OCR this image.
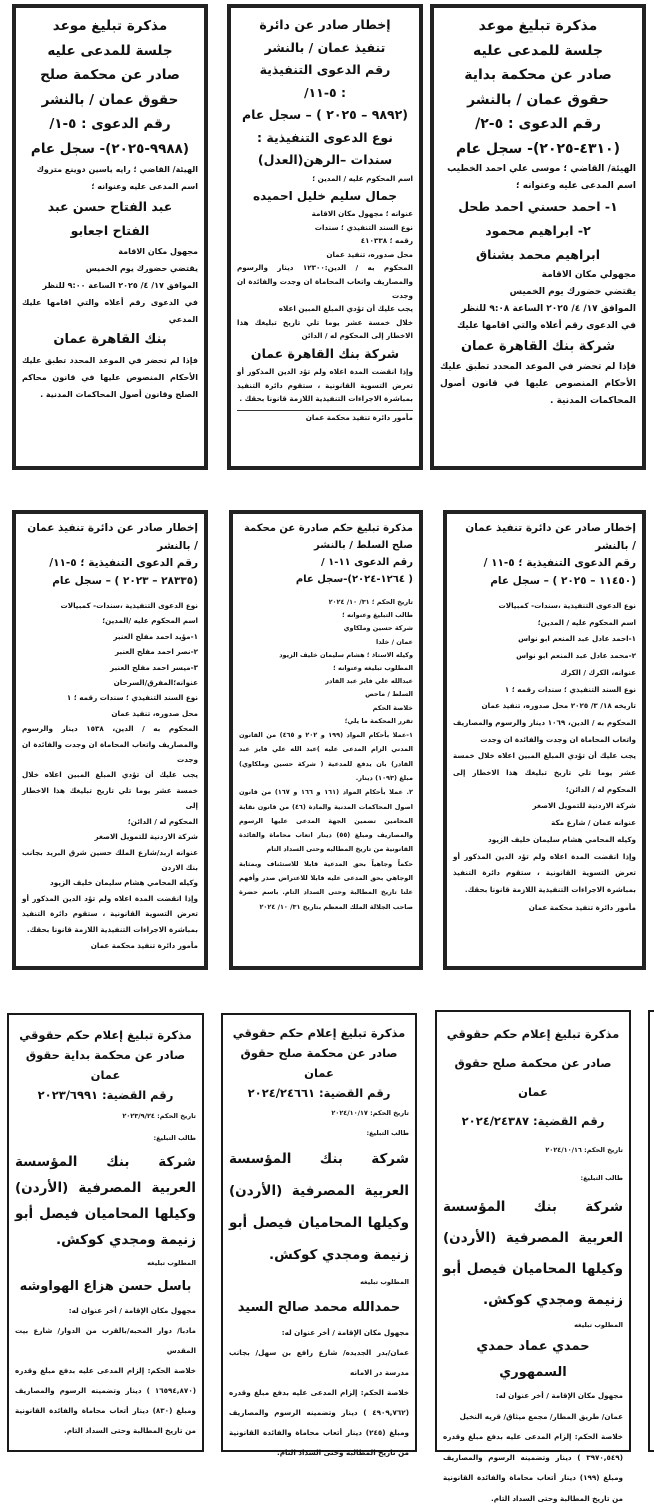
مذكرة تبليغ موعد
جلسة للمدعى عليه
صادر عن محكمة بداية
حقوق عمان / بالنشر
رقم الدعوى : ٥-٢/
(٤٣١٠-٢٠٢٥)- سجل عام
الهيئة/ القاضي ؛ موسى علي احمد الخطيب
اسم المدعى عليه وعنوانه ؛
١- احمد حسني احمد طحل
٢- ابراهيم محمود
ابراهيم محمد بشناق
مجهولي مكان الاقامة
يقتضي حضورك يوم الخميس
الموافق ١٧/ ٤/ ٢٠٢٥ الساعة ٩:٠٨ للنظر
في الدعوى رقم أعلاه والتي اقامها عليك
شركة بنك القاهرة عمان
فإذا لم تحضر في الموعد المحدد تطبق عليك الأحكام المنصوص عليها في قانون أصول المحاكمات المدنية .
إخطار صادر عن دائرة
تنفيذ عمان / بالنشر
رقم الدعوى التنفيذية
: ٥-١١/
(٩٨٩٢ – ٢٠٢٥ ) – سجل عام
نوع الدعوى التنفيذية :
سندات –الرهن(العدل)
اسم المحكوم عليه / المدين ؛
جمال سليم خليل احميده
عنوانه ؛ مجهول مكان الاقامة
نوع السند التنفيذي ؛ سندات
رقمه ؛ ٤١٠٣٣٨
محل صدوره، تنفيذ عمان
المحكوم به / الدين:١٢٣٠٠ دينار والرسوم والمصاريف واتعاب المحاماة ان وجدت والفائدة ان وجدت
يجب عليك أن تؤدي المبلغ المبين اعلاه
خلال خمسة عشر يوما تلي تاريخ تبليغك هذا الاخطار إلى المحكوم له / الدائن
شركة بنك القاهرة عمان
وإذا انقضت المدة اعلاه ولم تؤد الدين المذكور أو تعرض التسوية القانونية ، ستقوم دائرة التنفيذ بمباشرة الاجراءات التنفيذية اللازمة قانونا بحقك .
مأمور دائرة تنفيذ محكمة عمان
مذكرة تبليغ موعد
جلسة للمدعى عليه
صادر عن محكمة صلح
حقوق عمان / بالنشر
رقم الدعوى : ٥-١/
(٩٩٨٨-٢٠٢٥)- سجل عام
الهيئة/ القاضي ؛ رايه ياسين دوينع متروك
اسم المدعى عليه وعنوانه ؛
عبد الفتاح حسن عبد
الفتاح اجعابو
مجهول مكان الاقامة
يقتضي حضورك يوم الخميس
الموافق ١٧/ ٤/ ٢٠٢٥ الساعة ٩:٠٠ للنظر
في الدعوى رقم أعلاه والتي اقامها عليك المدعي
بنك القاهرة عمان
فإذا لم تحضر في الموعد المحدد تطبق عليك الأحكام المنصوص عليها في قانون محاكم الصلح وقانون أصول المحاكمات المدنية .
إخطار صادر عن دائرة تنفيذ عمان
/ بالنشر
رقم الدعوى التنفيذية ؛ ٥-١١ /
(١١٤٥٠ – ٢٠٢٥ ) – سجل عام
نوع الدعوى التنفيذية ،سندات- كمبيالات
اسم المحكوم عليه / المدين؛
١-احمد عادل عبد المنعم ابو نواس
٢-محمد عادل عبد المنعم ابو نواس
عنوانه، الكرك / الكرك
نوع السند التنفيذي ؛ سندات رقمه ؛ ١
تاريخه ١٨/ ٣/ ٢٠٢٥ محل صدوره، تنفيذ عمان
المحكوم به / الدين، ١٠٦٩ دينار والرسوم والمصاريف واتعاب المحاماة ان وجدت والفائدة ان وجدت
يجب عليك أن تؤدي المبلغ المبين اعلاه خلال خمسة عشر يوما تلي تاريخ تبليغك هذا الاخطار إلى المحكوم له / الدائن؛
شركة الاردنية للتمويل الاصغر
عنوانه عمان / شارع مكة
وكيله المحامي هشام سليمان خليف الزيود
وإذا انقضت المدة اعلاه ولم تؤد الدين المذكور أو تعرض التسوية القانونية ، ستقوم دائرة التنفيذ بمباشرة الاجراءات التنفيذية اللازمة قانونا بحقك.
مأمور دائرة تنفيذ محكمة عمان
مذكرة تبليغ حكم صادرة عن محكمة
صلح السلط / بالنشر
رقم الدعوى ١١-١ /
( ١٢٦٤-٢٠٢٤)-سجل عام
تاريخ الحكم ؛ ٣١/ ١٠/ ٢٠٢٤
طالب التبليغ وعنوانه ؛
شركة حسين وملكاوي
عمان / خلدا
وكيله الاستاذ ؛ هشام سليمان خليف الزيود
المطلوب تبليغه وعنوانه ؛
عبدالله علي فايز عبد القادر
السلط / ماحص
خلاصة الحكم
تقرر المحكمة ما يلي؛
١-عملا بأحكام المواد (١٩٩ و ٢٠٢ و ٤٦٥) من القانون المدني الزام المدعى عليه )عبد الله علي فايز عبد القادر) بان يدفع للمدعية ( شركة حسين وملكاوي) مبلغ (١٠٩٣) دينار.
٢. عملا بأحكام المواد (١٦١ و ١٦٦ و ١٦٧) من قانون اصول المحاكمات المدنية والمادة (٤٦) من قانون نقابة المحامين تضمين الجهة المدعى عليها الرسوم والمصاريف ومبلغ (٥٥) دينار اتعاب محاماة والفائدة القانونية من تاريخ المطالبه وحتى السداد التام
حكماً وجاهياً بحق المدعية قابلا للاستئناف وبمثابة الوجاهي بحق المدعى عليه قابلا للاعتراض صدر وأفهم علنا تاريخ المطالبة وحتى السداد التام. باسم حضرة صاحب الجلالة الملك المعظم بتاريخ ٣١/ ١٠/ ٢٠٢٤
إخطار صادر عن دائرة تنفيذ عمان
/ بالنشر
رقم الدعوى التنفيذية ؛ ٥-١١/
(٢٨٣٣٥ – ٢٠٢٣ ) – سجل عام
نوع الدعوى التنفيذية ،سندات- كمبيالات
اسم المحكوم عليه /المدين؛
١-مؤيد احمد مفلح العنبر
٢-نصر احمد مفلح العنبر
٣-ميسر احمد مفلح العنبر
عنوانه؛المفرق/السرحان
نوع السند التنفيذي ؛ سندات رقمه ؛ ١
محل صدوره، تنفيذ عمان
المحكوم به / الدين، ١٥٣٨ دينار والرسوم والمصاريف واتعاب المحاماة ان وجدت والفائدة ان وجدت
يجب عليك أن تؤدي المبلغ المبين اعلاه خلال خمسة عشر يوما تلي تاريخ تبليغك هذا الاخطار إلى
المحكوم له / الدائن؛
شركة الاردنية للتمويل الاصغر
عنوانه اربد/شارع الملك حسين شرق البريد بجانب بنك الاردن
وكيله المحامي هشام سليمان خليف الزيود
وإذا انقضت المدة اعلاه ولم تؤد الدين المذكور أو تعرض التسوية القانونية ، ستقوم دائرة التنفيذ بمباشرة الاجراءات التنفيذية اللازمة قانونا بحقك.
مأمور دائرة تنفيذ محكمة عمان
مذكرة تبليغ إعلام حكم حقوقي
صادر عن محكمة صلح حقوق عمان
رقم القضية: ٢٠٢٤/٢٤٣٨٧
تاريخ الحكم: ٢٠٢٤/١٠/١٦
طالب التبليغ:
شركة بنك المؤسسة العربية المصرفية (الأردن) وكيلها المحاميان فيصل أبو زنيمة ومجدي كوكش.
المطلوب تبليغه
حمدي عماد حمدي السمهوري
مجهول مكان الإقامة / أخر عنوان له:
عمان/ طريق المطار/ مجمع ميثاق/ قريه النخيل
خلاصة الحكم: إلزام المدعى عليه بدفع مبلغ وقدره (٣٩٧٠,٥٤٩ ) دينار وتضمينه الرسوم والمصاريف ومبلغ (١٩٩) دينار أتعاب محاماة والفائدة القانونية من تاريخ المطالبة وحتى السداد التام.
مذكرة تبليغ إعلام حكم حقوقي
صادر عن محكمة صلح حقوق عمان
رقم القضية: ٢٠٢٤/٢٤٦٦١
تاريخ الحكم: ٢٠٢٤/١٠/١٧
طالب التبليغ:
شركة بنك المؤسسة العربية المصرفية (الأردن) وكيلها المحاميان فيصل أبو زنيمة ومجدي كوكش.
المطلوب تبليغه
حمدالله محمد صالح السيد
مجهول مكان الإقامة / أخر عنوان له:
عمان/بدر الجديده/ شارع رافع بن سهل/ بجانب مدرسة در الامانه
خلاصة الحكم: إلزام المدعى عليه بدفع مبلغ وقدره (٤٩٠٩,٧٦٢ ) دينار وتضمينه الرسوم والمصاريف ومبلغ (٢٤٥) دينار أتعاب محاماة والفائدة القانونية من تاريخ المطالبة وحتى السداد التام.
مذكرة تبليغ إعلام حكم حقوقي
صادر عن محكمة بداية حقوق عمان
رقم القضية: ٢٠٢٣/٦٩٩١
تاريخ الحكم: ٢٠٢٣/٩/٢٤
طالب التبليغ:
شركة بنك المؤسسة العربية المصرفية (الأردن) وكيلها المحاميان فيصل أبو زنيمة ومجدي كوكش.
المطلوب تبليغه
باسل حسن هزاع الهواوشه
مجهول مكان الإقامة / أخر عنوان له:
مادبا/ دوار المحبه/بالقرب من الدوار/ شارع بيت المقدس
خلاصة الحكم: إلزام المدعى عليه بدفع مبلغ وقدره (١٦٥٩٤,٨٧٠ ) دينار وتضمينه الرسوم والمصاريف ومبلغ (٨٣٠) دينار أتعاب محاماة والفائدة القانونية من تاريخ المطالبة وحتى السداد التام.
